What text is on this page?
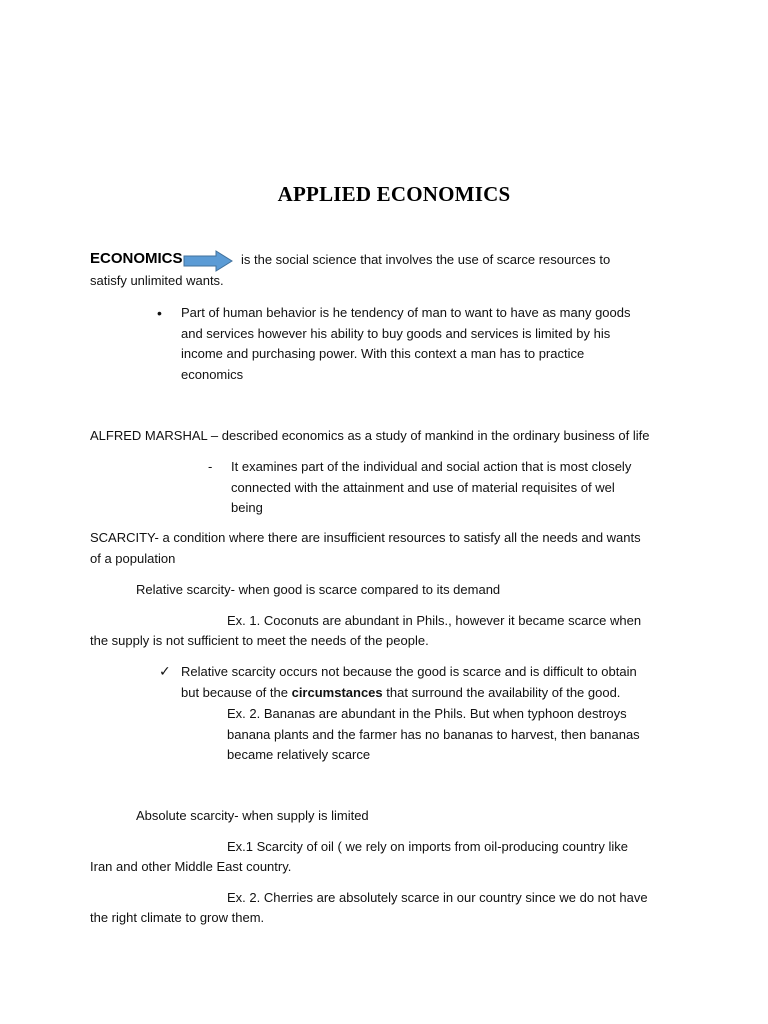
APPLIED ECONOMICS
ECONOMICS	is the social science that involves the use of scarce resources to
satisfy unlimited wants.
• Part of human behavior is he tendency of man to want to have as many goods
and services however his ability to buy goods and services is limited by his
income and purchasing power. With this context a man has to practice
economics
ALFRED MARSHAL – described economics as a study of mankind in the ordinary business of life
- It examines part of the individual and social action that is most closely
connected with the attainment and use of material requisites of wel
being
SCARCITY- a condition where there are insufficient resources to satisfy all the needs and wants
of a population
Relative scarcity- when good is scarce compared to its demand
Ex. 1. Coconuts are abundant in Phils., however it became scarce when
the supply is not sufficient to meet the needs of the people.
✓ Relative scarcity occurs not because the good is scarce and is difficult to obtain
but because of the circumstances that surround the availability of the good.
Ex. 2. Bananas are abundant in the Phils. But when typhoon destroys
banana plants and the farmer has no bananas to harvest, then bananas
became relatively scarce
Absolute scarcity- when supply is limited
Ex.1 Scarcity of oil ( we rely on imports from oil-producing country like
Iran and other Middle East country.
Ex. 2. Cherries are absolutely scarce in our country since we do not have
the right climate to grow them.
